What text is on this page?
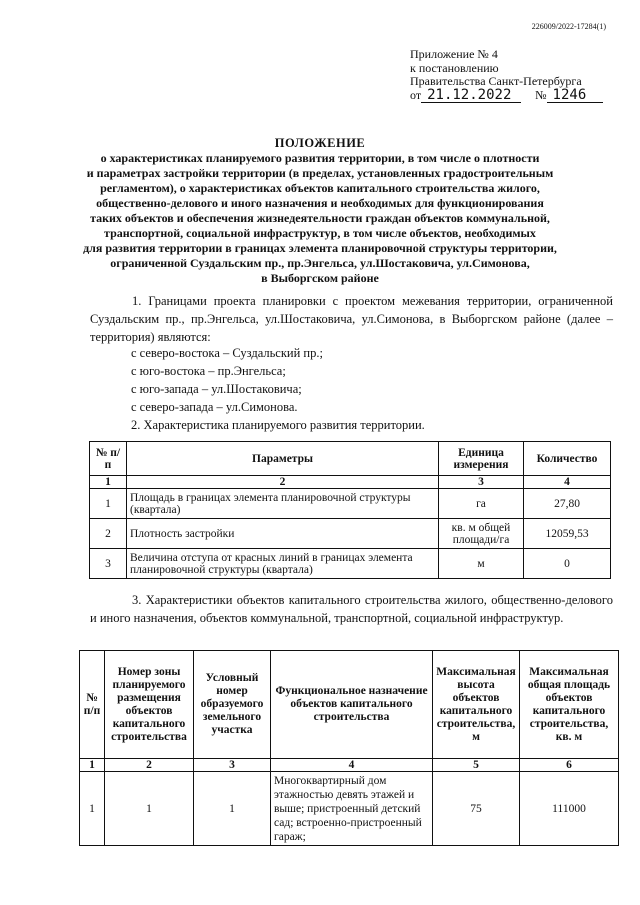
226009/2022-17284(1)
Приложение № 4
к постановлению
Правительства Санкт-Петербурга
от 21.12.2022	№ 1246
ПОЛОЖЕНИЕ
о характеристиках планируемого развития территории, в том числе о плотности
и параметрах застройки территории (в пределах, установленных градостроительным
регламентом), о характеристиках объектов капитального строительства жилого,
общественно-делового и иного назначения и необходимых для функционирования
таких объектов и обеспечения жизнедеятельности граждан объектов коммунальной,
транспортной, социальной инфраструктур, в том числе объектов, необходимых
для развития территории в границах элемента планировочной структуры территории,
ограниченной Суздальским пр., пр.Энгельса, ул.Шостаковича, ул.Симонова,
в Выборгском районе
1. Границами проекта планировки с проектом межевания территории, ограниченной Суздальским пр., пр.Энгельса, ул.Шостаковича, ул.Симонова, в Выборгском районе (далее – территория) являются:
с северо-востока – Суздальский пр.;
с юго-востока – пр.Энгельса;
с юго-запада – ул.Шостаковича;
с северо-запада – ул.Симонова.
2. Характеристика планируемого развития территории.
№ п/п	Параметры	Единица измерения	Количество
1	2	3	4
1	Площадь в границах элемента планировочной структуры (квартала)	га	27,80
2	Плотность застройки	кв. м общей площади/га	12059,53
3	Величина отступа от красных линий в границах элемента планировочной структуры (квартала)	м	0
3. Характеристики объектов капитального строительства жилого, общественно-делового и иного назначения, объектов коммунальной, транспортной, социальной инфраструктур.
№ п/п	Номер зоны планируемого размещения объектов капитального строительства	Условный номер образуемого земельного участка	Функциональное назначение объектов капитального строительства	Максимальная высота объектов капитального строительства, м	Максимальная общая площадь объектов капитального строительства, кв. м
1	2	3	4	5	6
1	1	1	Многоквартирный дом этажностью девять этажей и выше; пристроенный детский сад; встроенно-пристроенный гараж;	75	111000
